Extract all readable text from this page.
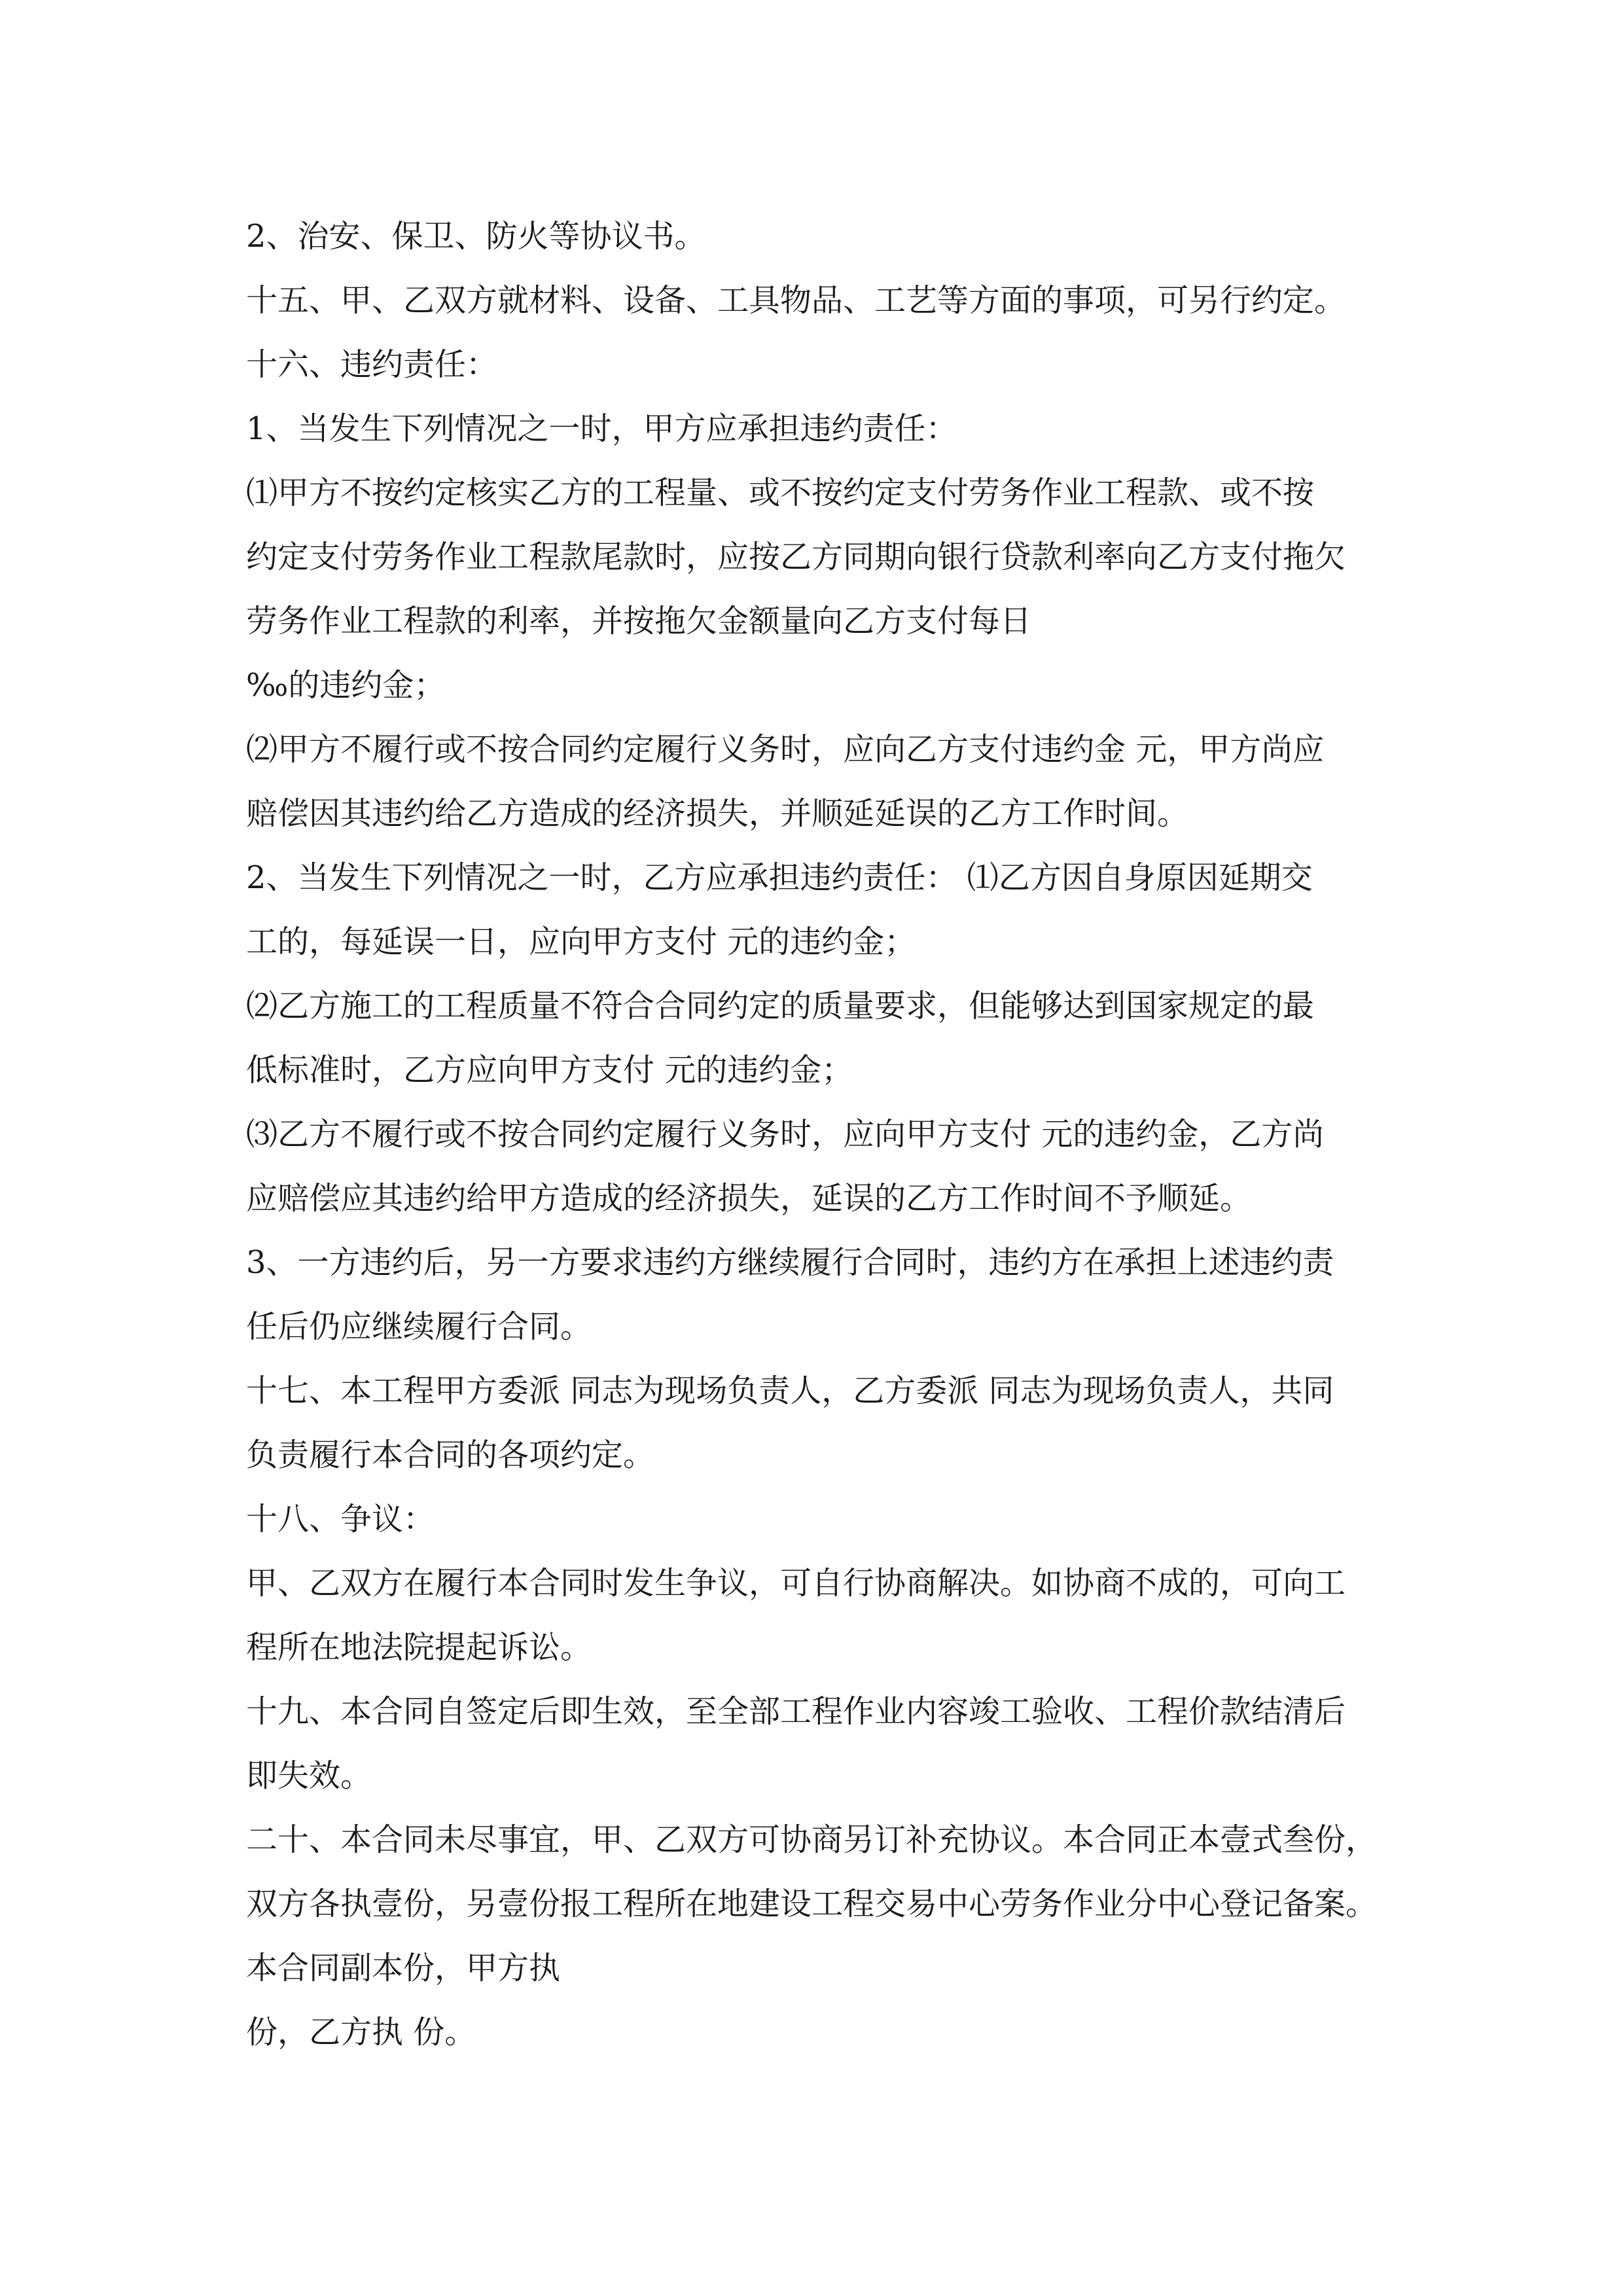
2、治安、保卫、防火等协议书。
十五、甲、乙双方就材料、设备、工具物品、工艺等方面的事项，可另行约定。
十六、违约责任：
1、当发生下列情况之一时，甲方应承担违约责任：
⑴甲方不按约定核实乙方的工程量、或不按约定支付劳务作业工程款、或不按
约定支付劳务作业工程款尾款时，应按乙方同期向银行贷款利率向乙方支付拖欠
劳务作业工程款的利率，并按拖欠金额量向乙方支付每日
‰的违约金；
⑵甲方不履行或不按合同约定履行义务时，应向乙方支付违约金 元，甲方尚应
赔偿因其违约给乙方造成的经济损失，并顺延延误的乙方工作时间。
2、当发生下列情况之一时，乙方应承担违约责任： ⑴乙方因自身原因延期交
工的，每延误一日，应向甲方支付 元的违约金；
⑵乙方施工的工程质量不符合合同约定的质量要求，但能够达到国家规定的最
低标准时，乙方应向甲方支付 元的违约金；
⑶乙方不履行或不按合同约定履行义务时，应向甲方支付 元的违约金，乙方尚
应赔偿应其违约给甲方造成的经济损失，延误的乙方工作时间不予顺延。
3、一方违约后，另一方要求违约方继续履行合同时，违约方在承担上述违约责
任后仍应继续履行合同。
十七、本工程甲方委派 同志为现场负责人，乙方委派 同志为现场负责人，共同
负责履行本合同的各项约定。
十八、争议：
甲、乙双方在履行本合同时发生争议，可自行协商解决。如协商不成的，可向工
程所在地法院提起诉讼。
十九、本合同自签定后即生效，至全部工程作业内容竣工验收、工程价款结清后
即失效。
二十、本合同未尽事宜，甲、乙双方可协商另订补充协议。本合同正本壹式叁份，
双方各执壹份，另壹份报工程所在地建设工程交易中心劳务作业分中心登记备案。
本合同副本份，甲方执
份，乙方执 份。
